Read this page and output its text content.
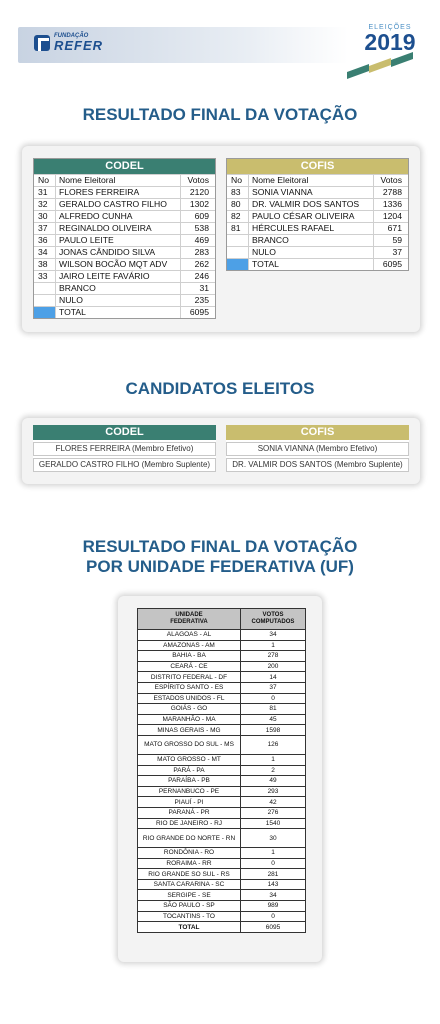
FUNDAÇÃO
REFER
ELEIÇÕES
2019
RESULTADO FINAL DA VOTAÇÃO
CODEL
No	Nome Eleitoral	Votos
31	FLORES FERREIRA	2120
32	GERALDO CASTRO FILHO	1302
30	ALFREDO CUNHA	609
37	REGINALDO OLIVEIRA	538
36	PAULO LEITE	469
34	JONAS CÂNDIDO SILVA	283
38	WILSON BOCÃO MQT ADV	262
33	JAIRO LEITE FAVÁRIO	246
BRANCO	31
NULO	235
TOTAL	6095
COFIS
No	Nome Eleitoral	Votos
83	SONIA VIANNA	2788
80	DR. VALMIR DOS SANTOS	1336
82	PAULO CÉSAR OLIVEIRA	1204
81	HÉRCULES RAFAEL	671
BRANCO	59
NULO	37
TOTAL	6095
CANDIDATOS ELEITOS
CODEL
FLORES FERREIRA (Membro Efetivo)
GERALDO CASTRO FILHO (Membro Suplente)
COFIS
SONIA VIANNA (Membro Efetivo)
DR. VALMIR DOS SANTOS (Membro Suplente)
RESULTADO FINAL DA VOTAÇÃO
POR UNIDADE FEDERATIVA (UF)
UNIDADE FEDERATIVA
VOTOS COMPUTADOS
ALAGOAS - AL	34
AMAZONAS - AM	1
BAHIA - BA	278
CEARÁ - CE	200
DISTRITO FEDERAL - DF	14
ESPÍRITO SANTO - ES	37
ESTADOS UNIDOS - FL	0
GOIÁS - GO	81
MARANHÃO - MA	45
MINAS GERAIS - MG	1598
MATO GROSSO DO SUL - MS	126
MATO GROSSO - MT	1
PARÁ - PA	2
PARAÍBA - PB	49
PERNANBUCO - PE	293
PIAUÍ - PI	42
PARANÁ - PR	276
RIO DE JANEIRO - RJ	1540
RIO GRANDE DO NORTE - RN	30
RONDÔNIA - RO	1
RORAIMA - RR	0
RIO GRANDE SO SUL - RS	281
SANTA CARARINA - SC	143
SERGIPE - SE	34
SÃO PAULO - SP	989
TOCANTINS - TO	0
TOTAL	6095
